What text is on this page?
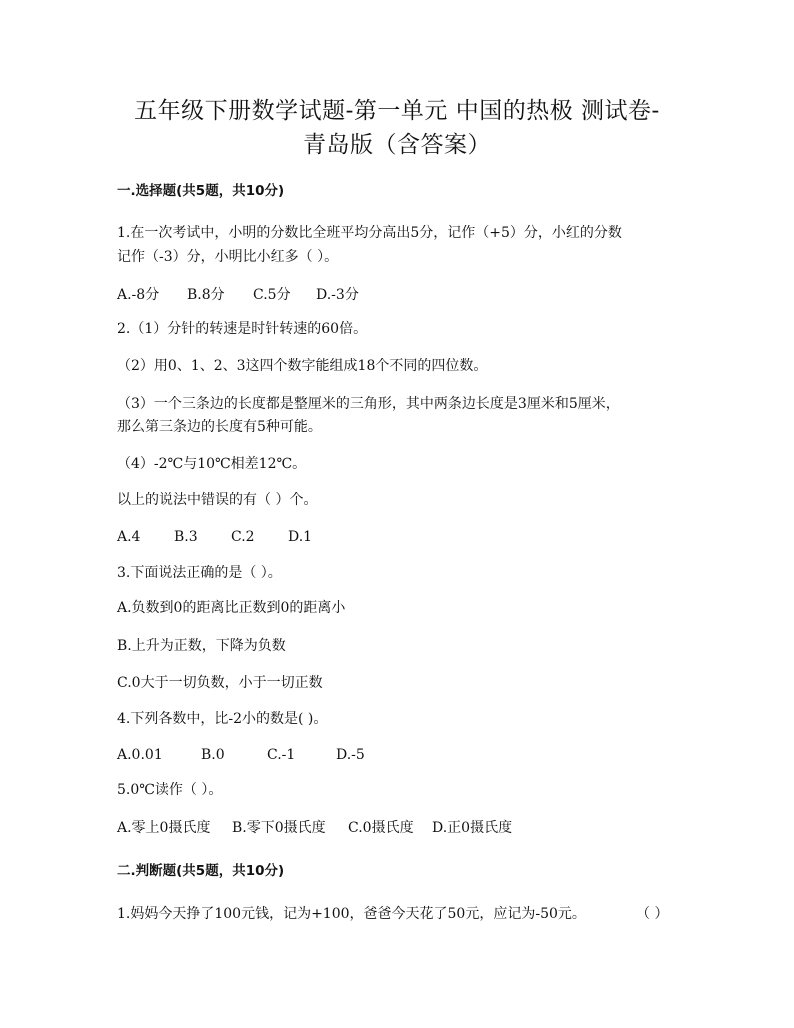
五年级下册数学试题-第一单元 中国的热极 测试卷-
青岛版（含答案）
一.选择题(共5题，共10分)
1.在一次考试中，小明的分数比全班平均分高出5分，记作（+5）分，小红的分数
记作（-3）分，小明比小红多（ ）。
A.-8分 B.8分 C.5分 D.-3分
2.（1）分针的转速是时针转速的60倍。
（2）用0、1、2、3这四个数字能组成18个不同的四位数。
（3）一个三条边的长度都是整厘米的三角形，其中两条边长度是3厘米和5厘米，
那么第三条边的长度有5种可能。
（4）-2℃与10℃相差12℃。
以上的说法中错误的有（ ）个。
A.4 B.3 C.2 D.1
3.下面说法正确的是（ ）。
A.负数到0的距离比正数到0的距离小
B.上升为正数，下降为负数
C.0大于一切负数，小于一切正数
4.下列各数中，比-2小的数是( )。
A.0.01	B.0	C.-1	D.-5
5.0℃读作（ ）。
A.零上0摄氏度 B.零下0摄氏度 C.0摄氏度 D.正0摄氏度
二.判断题(共5题，共10分)
1.妈妈今天挣了100元钱，记为+100，爸爸今天花了50元，应记为-50元。	（ ）
